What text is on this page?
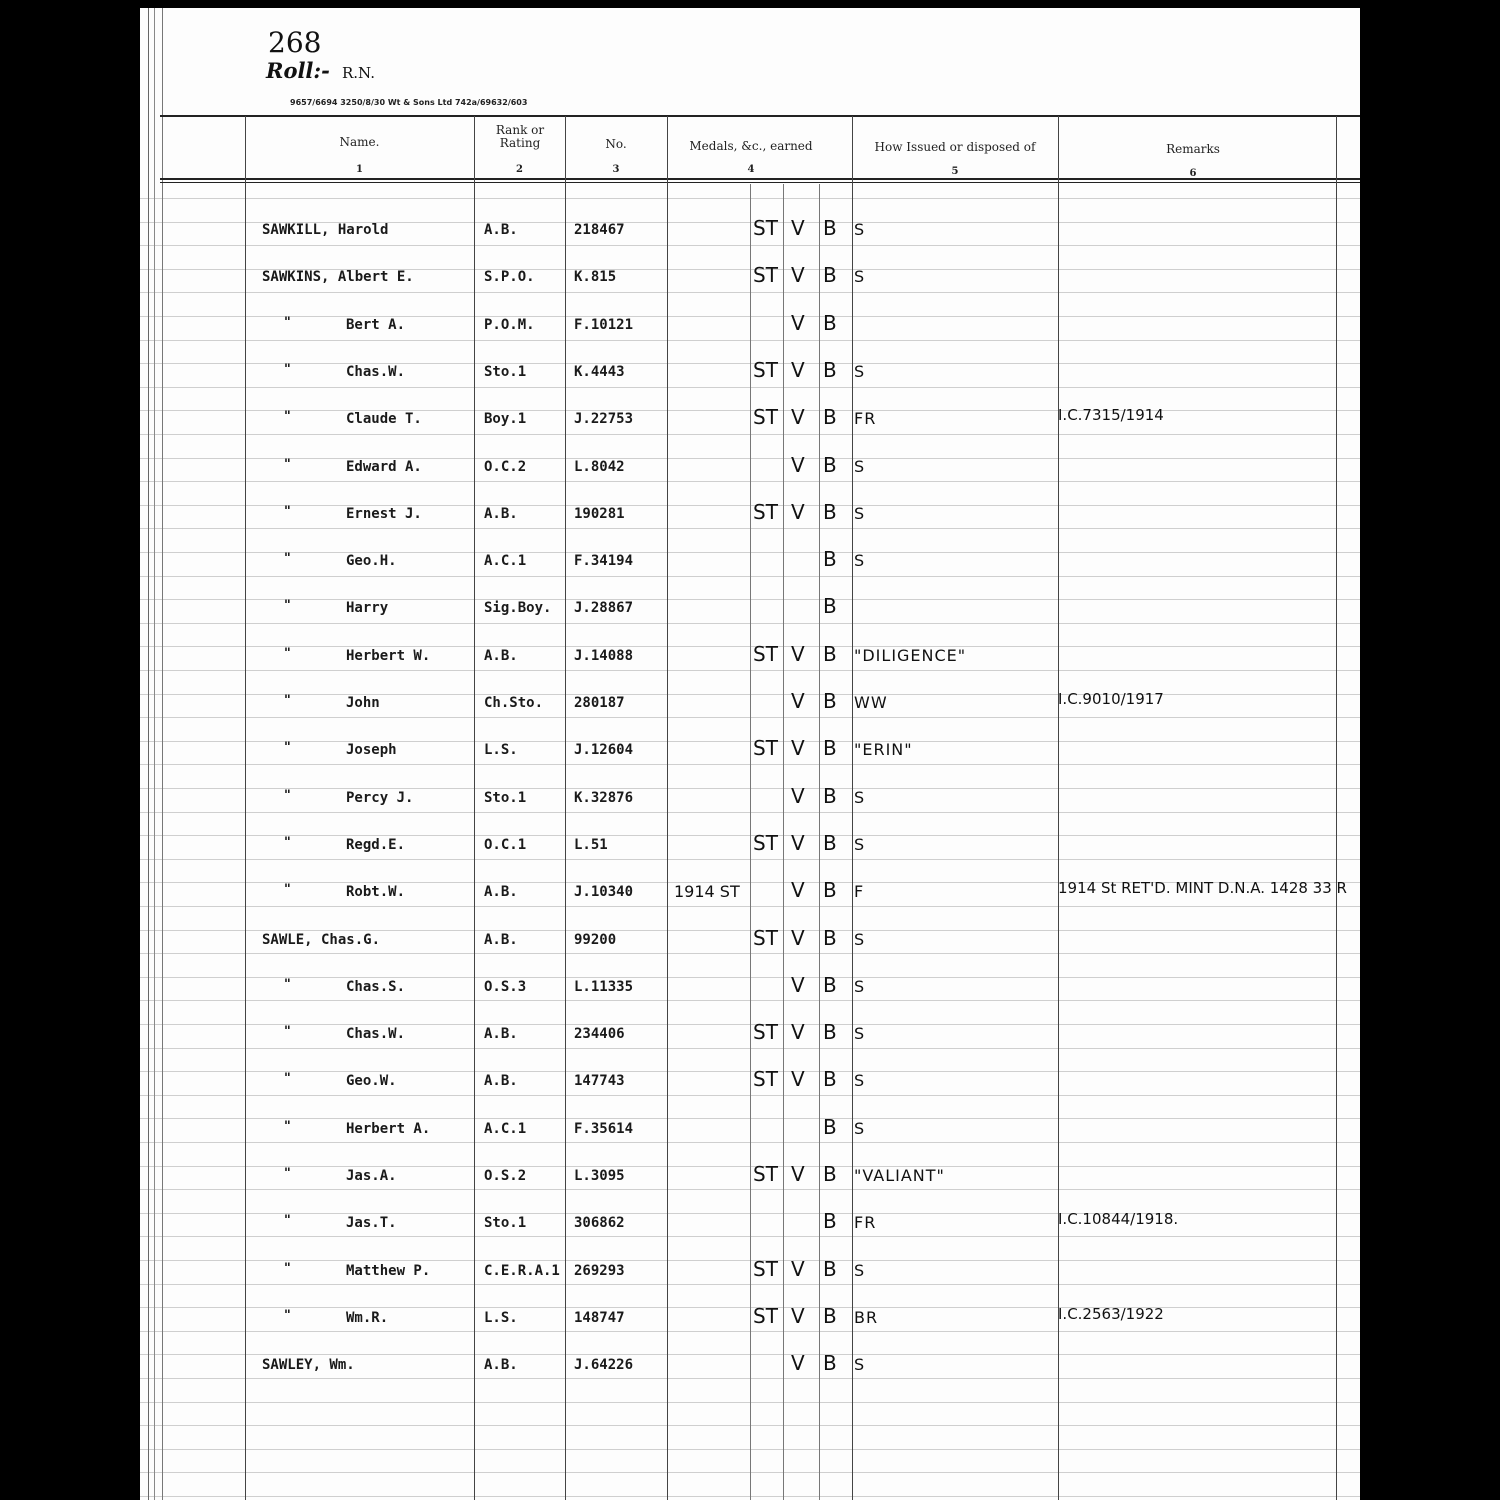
268
Roll:- R.N.
9657/6694 3250/8/30 Wt & Sons Ltd 742a/69632/603
Name.
1
Rank or Rating
2
No.
3
Medals, &c., earned
4
How Issued or disposed of
5
Remarks
6
SAWKILL, Harold	A.B.	218467	ST V B S
SAWKINS, Albert E.	S.P.O.	K.815	ST V B S
"	Bert A.	P.O.M.	F.10121	V B
"	Chas.W.	Sto.1	K.4443	ST V B S
"	Claude T.	Boy.1	J.22753	ST V B FR	I.C.7315/1914
"	Edward A.	O.C.2	L.8042	V B S
"	Ernest J.	A.B.	190281	ST V B S
"	Geo.H.	A.C.1	F.34194	B S
"	Harry	Sig.Boy. J.28867	B
"	Herbert W.	A.B.	J.14088	ST V B "DILIGENCE"
"	John	Ch.Sto. 280187	V B WW	I.C.9010/1917
"	Joseph	L.S.	J.12604	ST V B "ERIN"
"	Percy J.	Sto.1	K.32876	V B S
"	Regd.E.	O.C.1	L.51	ST V B S
"	Robt.W.	A.B.	J.10340	1914 ST	V B F	1914 St RET'D. MINT D.N.A. 1428 33 R
SAWLE, Chas.G.	A.B.	99200	ST V B S
"	Chas.S.	O.S.3	L.11335	V B S
"	Chas.W.	A.B.	234406	ST V B S
"	Geo.W.	A.B.	147743	ST V B S
"	Herbert A.	A.C.1	F.35614	B S
"	Jas.A.	O.S.2	L.3095	ST V B "VALIANT"
"	Jas.T.	Sto.1	306862	B FR	I.C.10844/1918.
"	Matthew P.	C.E.R.A.1 269293	ST V B S
"	Wm.R.	L.S.	148747	ST V B BR	I.C.2563/1922
SAWLEY, Wm.	A.B.	J.64226	V B S
